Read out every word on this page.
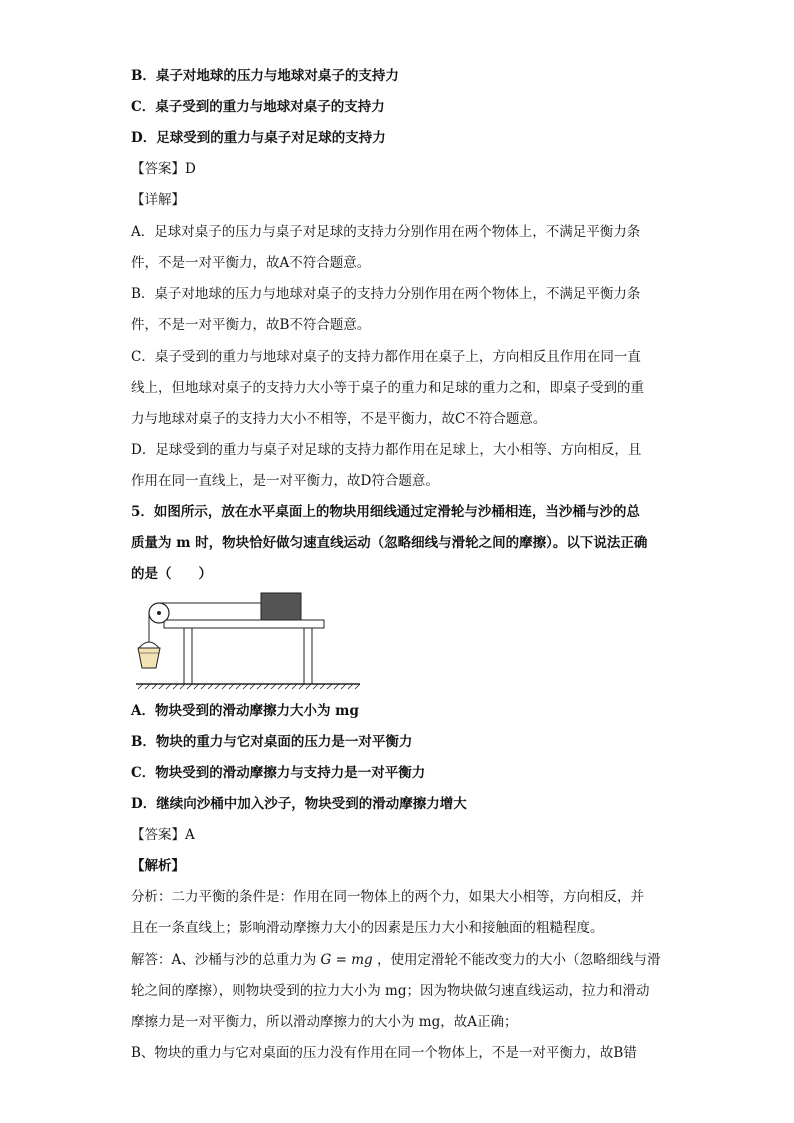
B．桌子对地球的压力与地球对桌子的支持力
C．桌子受到的重力与地球对桌子的支持力
D．足球受到的重力与桌子对足球的支持力
【答案】D
【详解】
A．足球对桌子的压力与桌子对足球的支持力分别作用在两个物体上，不满足平衡力条
件，不是一对平衡力，故A不符合题意。
B．桌子对地球的压力与地球对桌子的支持力分别作用在两个物体上，不满足平衡力条
件，不是一对平衡力，故B不符合题意。
C．桌子受到的重力与地球对桌子的支持力都作用在桌子上，方向相反且作用在同一直
线上，但地球对桌子的支持力大小等于桌子的重力和足球的重力之和，即桌子受到的重
力与地球对桌子的支持力大小不相等，不是平衡力，故C不符合题意。
D．足球受到的重力与桌子对足球的支持力都作用在足球上，大小相等、方向相反，且
作用在同一直线上，是一对平衡力，故D符合题意。
5．如图所示，放在水平桌面上的物块用细线通过定滑轮与沙桶相连，当沙桶与沙的总
质量为 m 时，物块恰好做匀速直线运动（忽略细线与滑轮之间的摩擦）。以下说法正确
的是（　　）
A．物块受到的滑动摩擦力大小为 mg
B．物块的重力与它对桌面的压力是一对平衡力
C．物块受到的滑动摩擦力与支持力是一对平衡力
D．继续向沙桶中加入沙子，物块受到的滑动摩擦力增大
【答案】A
【解析】
分析：二力平衡的条件是：作用在同一物体上的两个力，如果大小相等，方向相反，并
且在一条直线上；影响滑动摩擦力大小的因素是压力大小和接触面的粗糙程度。
解答：A、沙桶与沙的总重力为 G = mg ，使用定滑轮不能改变力的大小（忽略细线与滑
轮之间的摩擦），则物块受到的拉力大小为 mg；因为物块做匀速直线运动，拉力和滑动
摩擦力是一对平衡力，所以滑动摩擦力的大小为 mg，故A正确；
B、物块的重力与它对桌面的压力没有作用在同一个物体上，不是一对平衡力，故B错
